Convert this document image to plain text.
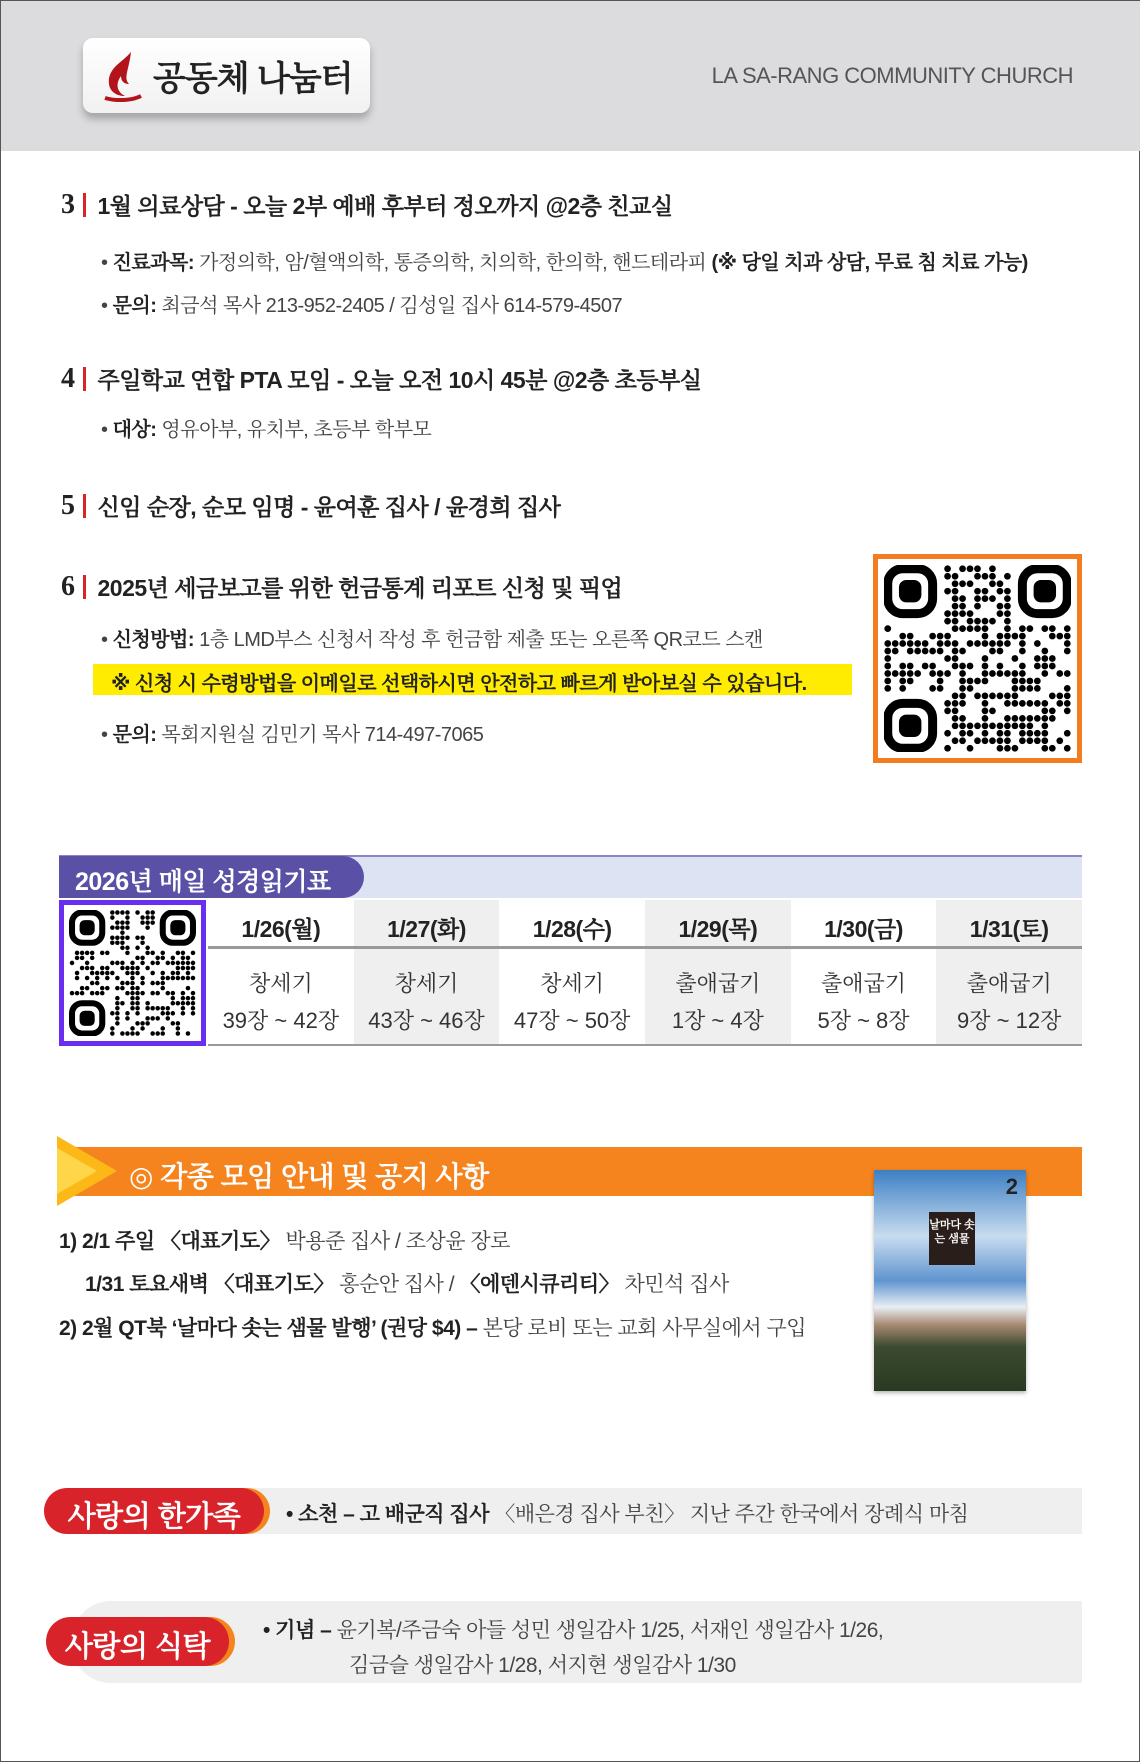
공동체 나눔터	LA SA-RANG COMMUNITY CHURCH
3 1월 의료상담 - 오늘 2부 예배 후부터 정오까지 @2층 친교실
• 진료과목: 가정의학, 암/혈액의학, 통증의학, 치의학, 한의학, 핸드테라피 (※ 당일 치과 상담, 무료 침 치료 가능)
• 문의: 최금석 목사 213-952-2405 / 김성일 집사 614-579-4507
4 주일학교 연합 PTA 모임 - 오늘 오전 10시 45분 @2층 초등부실
• 대상: 영유아부, 유치부, 초등부 학부모
5 신임 순장, 순모 임명 - 윤여훈 집사 / 윤경희 집사
6 2025년 세금보고를 위한 헌금통계 리포트 신청 및 픽업
• 신청방법: 1층 LMD부스 신청서 작성 후 헌금함 제출 또는 오른쪽 QR코드 스캔
※ 신청 시 수령방법을 이메일로 선택하시면 안전하고 빠르게 받아보실 수 있습니다.
• 문의: 목회지원실 김민기 목사 714-497-7065
2026년 매일 성경읽기표
1/26(월)
창세기
39장 ~ 42장
1/27(화)
창세기
43장 ~ 46장
1/28(수)
창세기
47장 ~ 50장
1/29(목)
출애굽기
1장 ~ 4장
1/30(금)
출애굽기
5장 ~ 8장
1/31(토)
출애굽기
9장 ~ 12장
◎ 각종 모임 안내 및 공지 사항
1) 2/1 주일 〈대표기도〉 박용준 집사 / 조상윤 장로
1/31 토요새벽 〈대표기도〉 홍순안 집사 / 〈에덴시큐리티〉 차민석 집사
2) 2월 QT북 ‘날마다 솟는 샘물 발행’ (권당 $4) – 본당 로비 또는 교회 사무실에서 구입
2
날마다 솟는 샘물
사랑의 한가족	• 소천 – 고 배군직 집사 〈배은경 집사 부친〉 지난 주간 한국에서 장례식 마침
사랑의 식탁
• 기념 – 윤기복/주금숙 아들 성민 생일감사 1/25, 서재인 생일감사 1/26,
김금슬 생일감사 1/28, 서지현 생일감사 1/30
